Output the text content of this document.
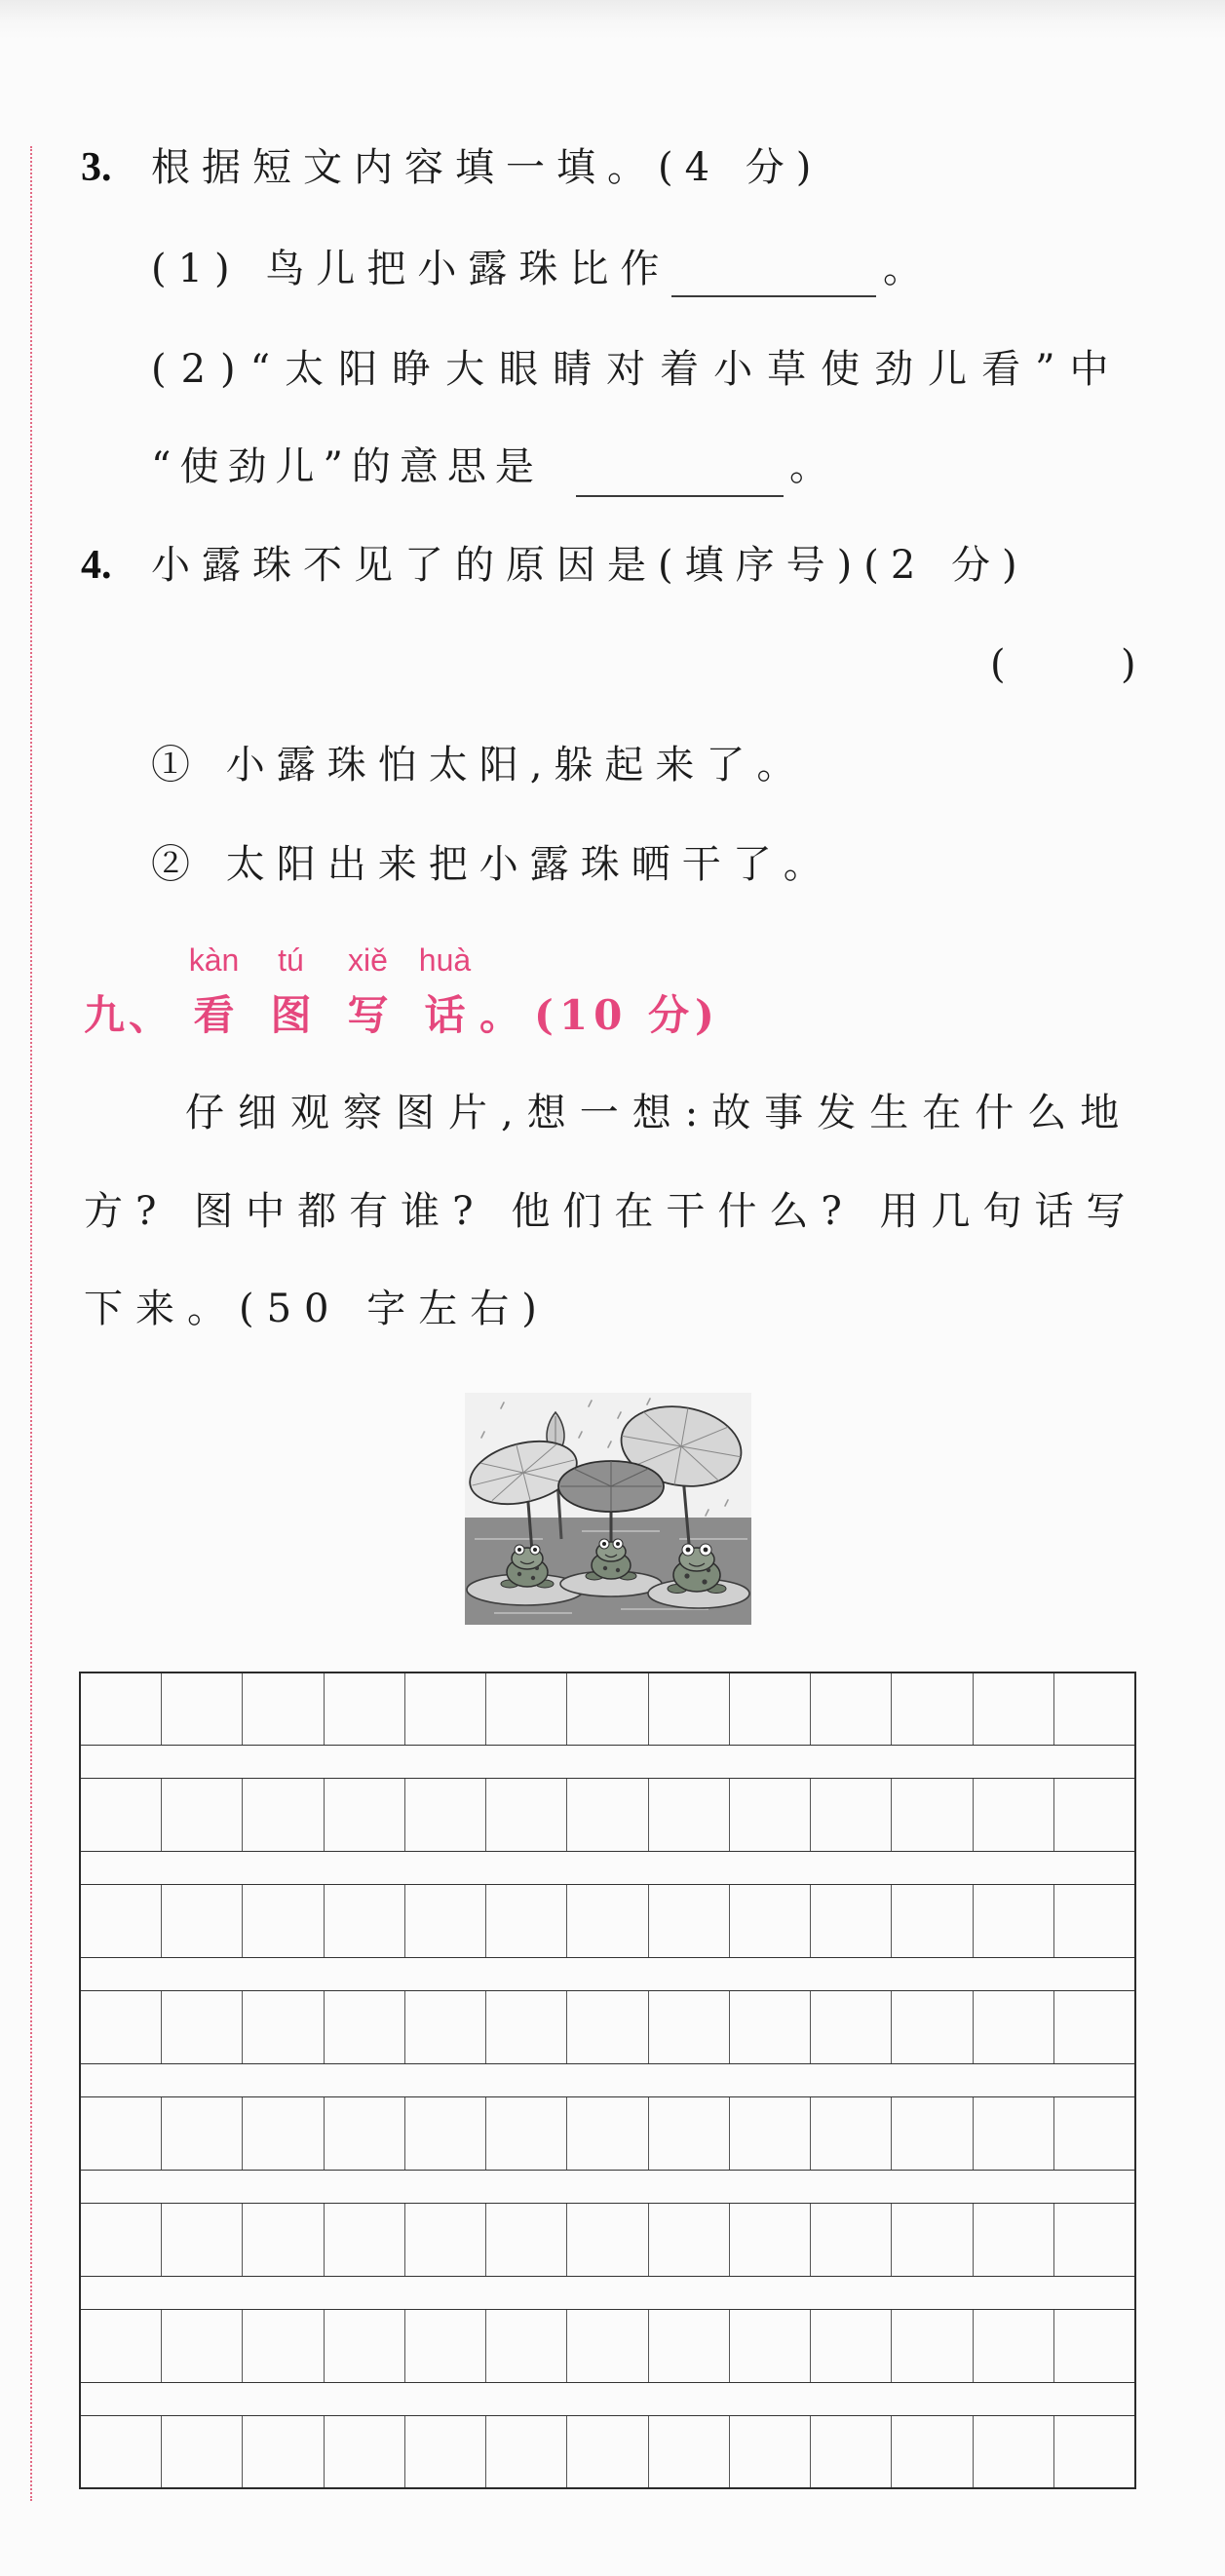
3. 根据短文内容填一填。(4 分)
(1) 鸟儿把小露珠比作	。
(2)“太阳睁大眼睛对着小草使劲儿看”中
“使劲儿”的意思是	。
4. 小露珠不见了的原因是(填序号)(2 分)
(	)
① 小露珠怕太阳,躲起来了。
② 太阳出来把小露珠晒干了。
九、
kàn
看
tú
图
xiě
写
huà
话 。 (10 分)
仔细观察图片,想一想:故事发生在什么地
方? 图中都有谁? 他们在干什么? 用几句话写
下来。(50 字左右)
